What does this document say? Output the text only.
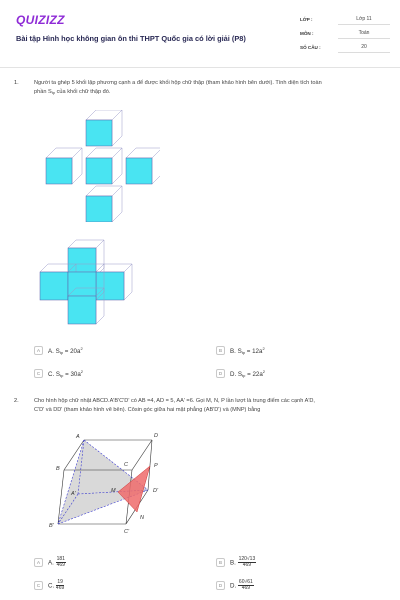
QUIZIZZ
Bài tập Hình học không gian ôn thi THPT Quốc gia có lời giải (P8)
LỚP :	Lớp 11
MÔN :	Toán
SỐ CÂU :	20
1.	Người ta ghép 5 khối lập phương cạnh a để được khối hộp chữ thập (tham khảo hình bên dưới). Tính diện tích toàn
phần $S_{tp}$ của khối chữ thập đó.
A	A. $S_{tp} = 20a^2$	B	B. $S_{tp} = 12a^2$
C	C. $S_{tp} = 30a^2$	D	D. $S_{tp} = 22a^2$
2.	Cho hình hộp chữ nhật ABCD.A'B'C'D' có AB =4, AD = 5, AA' =6. Gọi M, N, P lần lượt là trung điểm các cạnh A'D,
C'D' và DD' (tham khảo hình vẽ bên). Côsin góc giữa hai mặt phẳng (AB'D') và (MNP) bằng
A	D
B
C
A'	D'
B'
C'
M
N
P
A	A. $\frac{181}{469}$	B	B. $\frac{120√13}{469}$
C	C. $\frac{19}{469}$	D	D. $\frac{60√61}{469}$
